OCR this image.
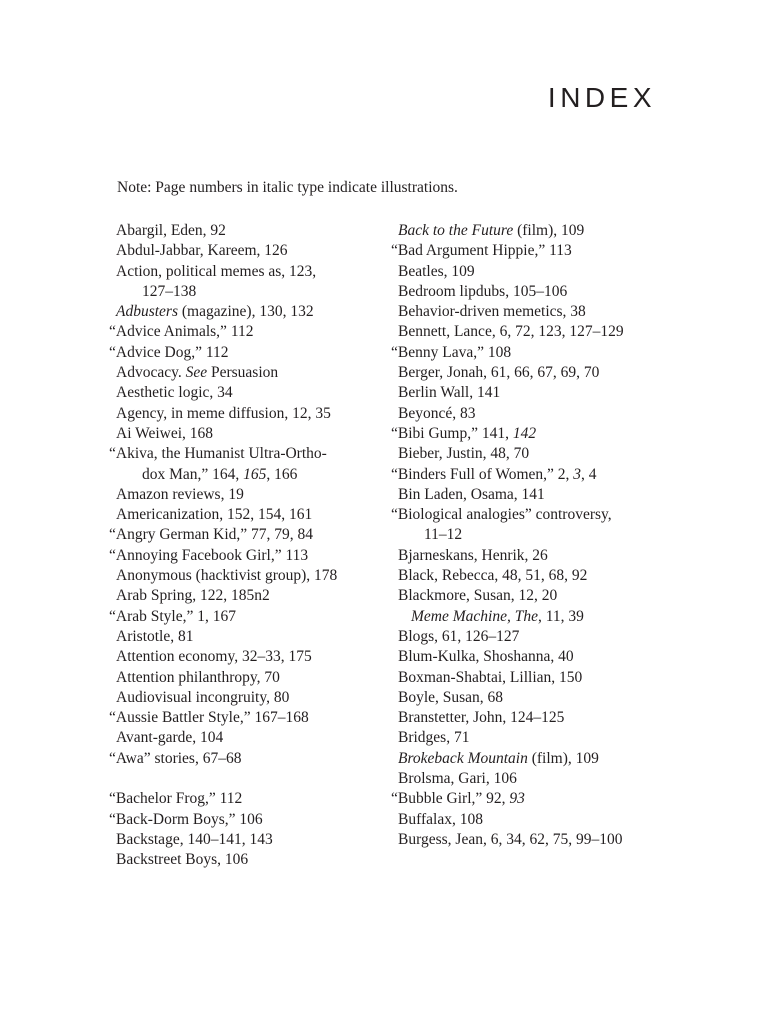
INDEX
Note: Page numbers in italic type indicate illustrations.
Abargil, Eden, 92
Abdul-Jabbar, Kareem, 126
Action, political memes as, 123,
127–138
Adbusters (magazine), 130, 132
“Advice Animals,” 112
“Advice Dog,” 112
Advocacy. See Persuasion
Aesthetic logic, 34
Agency, in meme diffusion, 12, 35
Ai Weiwei, 168
“Akiva, the Humanist Ultra-Ortho-
dox Man,” 164, 165, 166
Amazon reviews, 19
Americanization, 152, 154, 161
“Angry German Kid,” 77, 79, 84
“Annoying Facebook Girl,” 113
Anonymous (hacktivist group), 178
Arab Spring, 122, 185n2
“Arab Style,” 1, 167
Aristotle, 81
Attention economy, 32–33, 175
Attention philanthropy, 70
Audiovisual incongruity, 80
“Aussie Battler Style,” 167–168
Avant-garde, 104
“Awa” stories, 67–68
“Bachelor Frog,” 112
“Back-Dorm Boys,” 106
Backstage, 140–141, 143
Backstreet Boys, 106
Back to the Future (film), 109
“Bad Argument Hippie,” 113
Beatles, 109
Bedroom lipdubs, 105–106
Behavior-driven memetics, 38
Bennett, Lance, 6, 72, 123, 127–129
“Benny Lava,” 108
Berger, Jonah, 61, 66, 67, 69, 70
Berlin Wall, 141
Beyoncé, 83
“Bibi Gump,” 141, 142
Bieber, Justin, 48, 70
“Binders Full of Women,” 2, 3, 4
Bin Laden, Osama, 141
“Biological analogies” controversy,
11–12
Bjarneskans, Henrik, 26
Black, Rebecca, 48, 51, 68, 92
Blackmore, Susan, 12, 20
Meme Machine, The, 11, 39
Blogs, 61, 126–127
Blum-Kulka, Shoshanna, 40
Boxman-Shabtai, Lillian, 150
Boyle, Susan, 68
Branstetter, John, 124–125
Bridges, 71
Brokeback Mountain (film), 109
Brolsma, Gari, 106
“Bubble Girl,” 92, 93
Buffalax, 108
Burgess, Jean, 6, 34, 62, 75, 99–100
